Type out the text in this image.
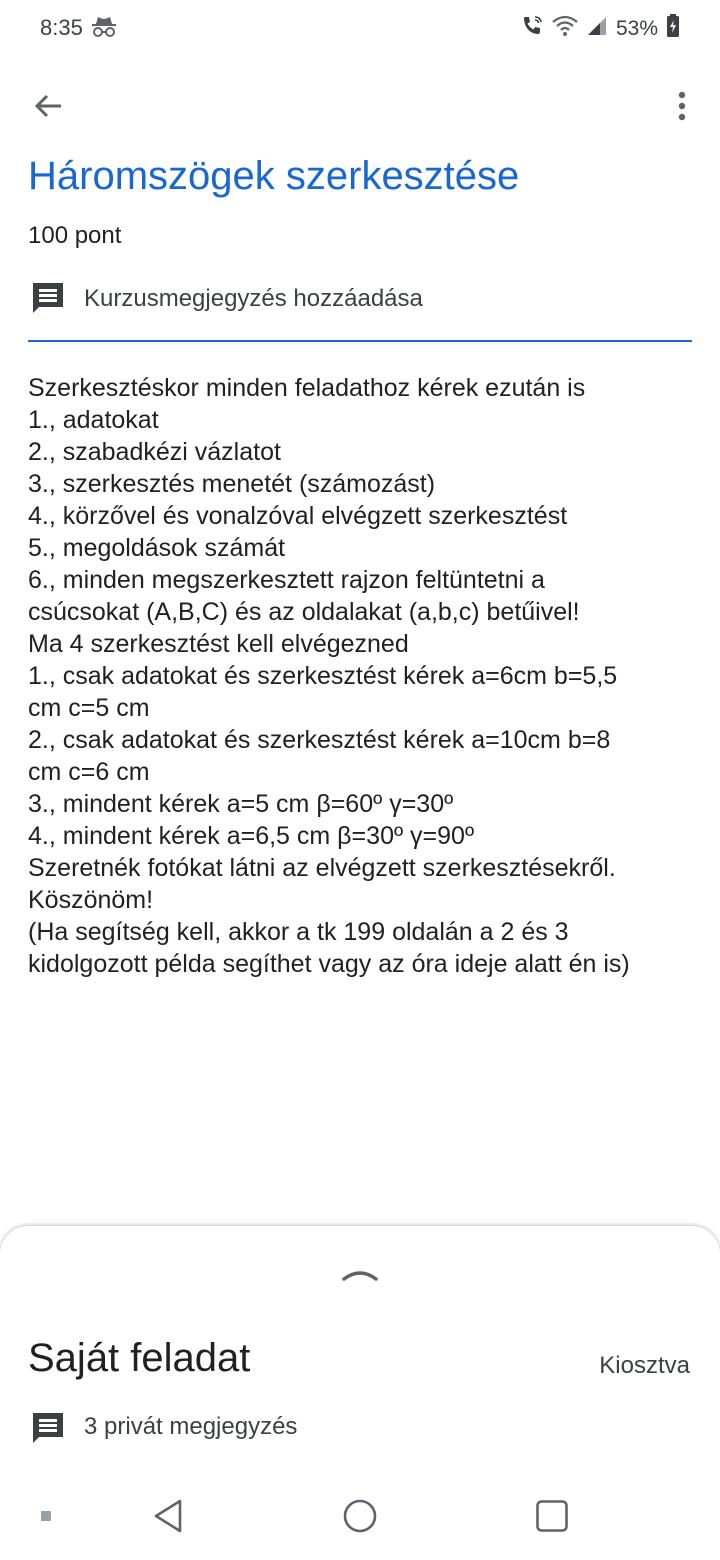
8:35	53%
Háromszögek szerkesztése
100 pont
Kurzusmegjegyzés hozzáadása
Szerkesztéskor minden feladathoz kérek ezután is
1., adatokat
2., szabadkézi vázlatot
3., szerkesztés menetét (számozást)
4., körzővel és vonalzóval elvégzett szerkesztést
5., megoldások számát
6., minden megszerkesztett rajzon feltüntetni a
csúcsokat (A,B,C) és az oldalakat (a,b,c) betűivel!
Ma 4 szerkesztést kell elvégezned
1., csak adatokat és szerkesztést kérek a=6cm b=5,5
cm c=5 cm
2., csak adatokat és szerkesztést kérek a=10cm b=8
cm c=6 cm
3., mindent kérek a=5 cm β=60º γ=30º
4., mindent kérek a=6,5 cm β=30º γ=90º
Szeretnék fotókat látni az elvégzett szerkesztésekről.
Köszönöm!
(Ha segítség kell, akkor a tk 199 oldalán a 2 és 3
kidolgozott példa segíthet vagy az óra ideje alatt én is)
Saját feladat	Kiosztva
3 privát megjegyzés
